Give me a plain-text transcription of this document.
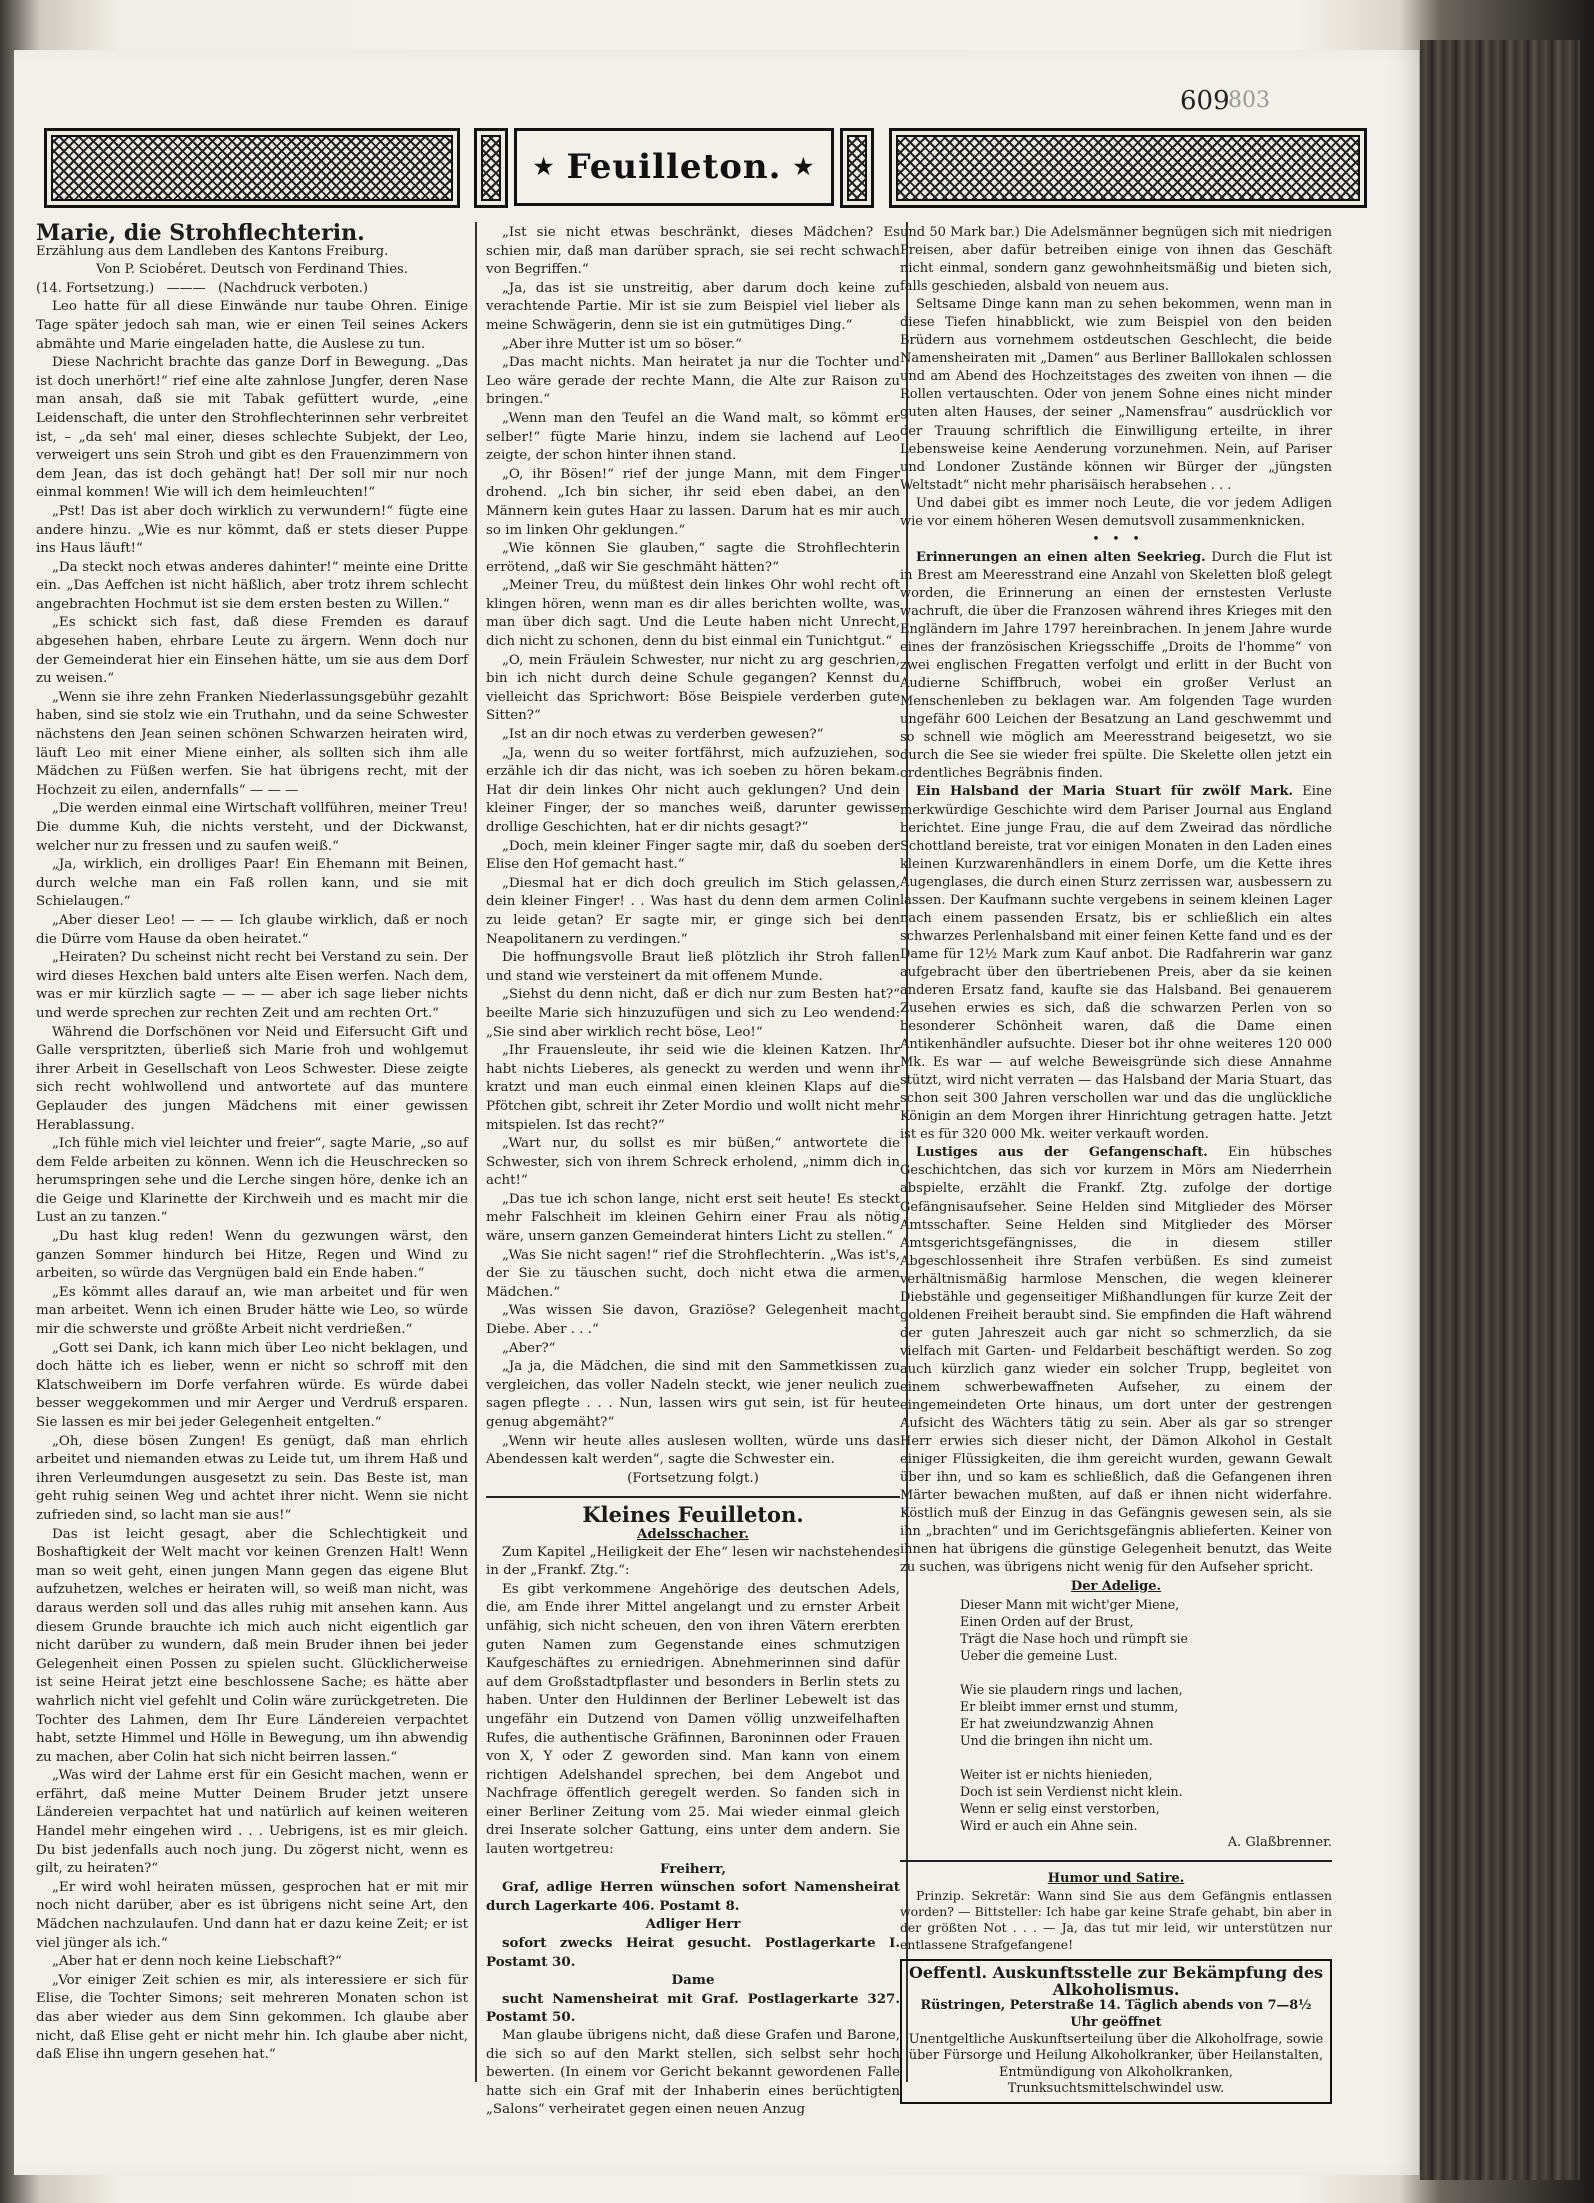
609
803
★ Feuilleton. ★

Marie, die Strohflechterin.

Erzählung aus dem Landleben des Kantons Freiburg.

Von P. Sciobéret. Deutsch von Ferdinand Thies.

(14. Fortsetzung.)   ———   (Nachdruck verboten.)

Leo hatte für all diese Einwände nur taube Ohren. Einige Tage später jedoch sah man, wie er einen Teil seines Ackers abmähte und Marie eingeladen hatte, die Auslese zu tun.

Diese Nachricht brachte das ganze Dorf in Bewegung. „Das ist doch unerhört!“ rief eine alte zahnlose Jungfer, deren Nase man ansah, daß sie mit Tabak gefüttert wurde, „eine Leidenschaft, die unter den Strohflechterinnen sehr verbreitet ist, – „da seh' mal einer, dieses schlechte Subjekt, der Leo, verweigert uns sein Stroh und gibt es den Frauenzimmern von dem Jean, das ist doch gehängt hat! Der soll mir nur noch einmal kommen! Wie will ich dem heimleuchten!“

„Pst! Das ist aber doch wirklich zu verwundern!“ fügte eine andere hinzu. „Wie es nur kömmt, daß er stets dieser Puppe ins Haus läuft!“

„Da steckt noch etwas anderes dahinter!“ meinte eine Dritte ein. „Das Aeffchen ist nicht häßlich, aber trotz ihrem schlecht angebrachten Hochmut ist sie dem ersten besten zu Willen.“

„Es schickt sich fast, daß diese Fremden es darauf abgesehen haben, ehrbare Leute zu ärgern. Wenn doch nur der Gemeinderat hier ein Einsehen hätte, um sie aus dem Dorf zu weisen.“

„Wenn sie ihre zehn Franken Niederlassungsgebühr gezahlt haben, sind sie stolz wie ein Truthahn, und da seine Schwester nächstens den Jean seinen schönen Schwarzen heiraten wird, läuft Leo mit einer Miene einher, als sollten sich ihm alle Mädchen zu Füßen werfen. Sie hat übrigens recht, mit der Hochzeit zu eilen, andernfalls“ — — —

„Die werden einmal eine Wirtschaft vollführen, meiner Treu! Die dumme Kuh, die nichts versteht, und der Dickwanst, welcher nur zu fressen und zu saufen weiß.“

„Ja, wirklich, ein drolliges Paar! Ein Ehemann mit Beinen, durch welche man ein Faß rollen kann, und sie mit Schielaugen.“

„Aber dieser Leo! — — — Ich glaube wirklich, daß er noch die Dürre vom Hause da oben heiratet.“

„Heiraten? Du scheinst nicht recht bei Verstand zu sein. Der wird dieses Hexchen bald unters alte Eisen werfen. Nach dem, was er mir kürzlich sagte — — — aber ich sage lieber nichts und werde sprechen zur rechten Zeit und am rechten Ort.“

Während die Dorfschönen vor Neid und Eifersucht Gift und Galle verspritzten, überließ sich Marie froh und wohlgemut ihrer Arbeit in Gesellschaft von Leos Schwester. Diese zeigte sich recht wohlwollend und antwortete auf das muntere Geplauder des jungen Mädchens mit einer gewissen Herablassung.

„Ich fühle mich viel leichter und freier“, sagte Marie, „so auf dem Felde arbeiten zu können. Wenn ich die Heuschrecken so herumspringen sehe und die Lerche singen höre, denke ich an die Geige und Klarinette der Kirchweih und es macht mir die Lust an zu tanzen.“

„Du hast klug reden! Wenn du gezwungen wärst, den ganzen Sommer hindurch bei Hitze, Regen und Wind zu arbeiten, so würde das Vergnügen bald ein Ende haben.“

„Es kömmt alles darauf an, wie man arbeitet und für wen man arbeitet. Wenn ich einen Bruder hätte wie Leo, so würde mir die schwerste und größte Arbeit nicht verdrießen.“

„Gott sei Dank, ich kann mich über Leo nicht beklagen, und doch hätte ich es lieber, wenn er nicht so schroff mit den Klatschweibern im Dorfe verfahren würde. Es würde dabei besser weggekommen und mir Aerger und Verdruß ersparen. Sie lassen es mir bei jeder Gelegenheit entgelten.“

„Oh, diese bösen Zungen! Es genügt, daß man ehrlich arbeitet und niemanden etwas zu Leide tut, um ihrem Haß und ihren Verleumdungen ausgesetzt zu sein. Das Beste ist, man geht ruhig seinen Weg und achtet ihrer nicht. Wenn sie nicht zufrieden sind, so lacht man sie aus!“

Das ist leicht gesagt, aber die Schlechtigkeit und Boshaftigkeit der Welt macht vor keinen Grenzen Halt! Wenn man so weit geht, einen jungen Mann gegen das eigene Blut aufzuhetzen, welches er heiraten will, so weiß man nicht, was daraus werden soll und das alles ruhig mit ansehen kann. Aus diesem Grunde brauchte ich mich auch nicht eigentlich gar nicht darüber zu wundern, daß mein Bruder ihnen bei jeder Gelegenheit einen Possen zu spielen sucht. Glücklicherweise ist seine Heirat jetzt eine beschlossene Sache; es hätte aber wahrlich nicht viel gefehlt und Colin wäre zurückgetreten. Die Tochter des Lahmen, dem Ihr Eure Ländereien verpachtet habt, setzte Himmel und Hölle in Bewegung, um ihn abwendig zu machen, aber Colin hat sich nicht beirren lassen.“

„Was wird der Lahme erst für ein Gesicht machen, wenn er erfährt, daß meine Mutter Deinem Bruder jetzt unsere Ländereien verpachtet hat und natürlich auf keinen weiteren Handel mehr eingehen wird . . . Uebrigens, ist es mir gleich. Du bist jedenfalls auch noch jung. Du zögerst nicht, wenn es gilt, zu heiraten?“

„Er wird wohl heiraten müssen, gesprochen hat er mit mir noch nicht darüber, aber es ist übrigens nicht seine Art, den Mädchen nachzulaufen. Und dann hat er dazu keine Zeit; er ist viel jünger als ich.“

„Aber hat er denn noch keine Liebschaft?“

„Vor einiger Zeit schien es mir, als interessiere er sich für Elise, die Tochter Simons; seit mehreren Monaten schon ist das aber wieder aus dem Sinn gekommen. Ich glaube aber nicht, daß Elise geht er nicht mehr hin. Ich glaube aber nicht, daß Elise ihn ungern gesehen hat.“

„Ist sie nicht etwas beschränkt, dieses Mädchen? Es schien mir, daß man darüber sprach, sie sei recht schwach von Begriffen.“

„Ja, das ist sie unstreitig, aber darum doch keine zu verachtende Partie. Mir ist sie zum Beispiel viel lieber als meine Schwägerin, denn sie ist ein gutmütiges Ding.“

„Aber ihre Mutter ist um so böser.“

„Das macht nichts. Man heiratet ja nur die Tochter und Leo wäre gerade der rechte Mann, die Alte zur Raison zu bringen.“

„Wenn man den Teufel an die Wand malt, so kömmt er selber!“ fügte Marie hinzu, indem sie lachend auf Leo zeigte, der schon hinter ihnen stand.

„O, ihr Bösen!“ rief der junge Mann, mit dem Finger drohend. „Ich bin sicher, ihr seid eben dabei, an den Männern kein gutes Haar zu lassen. Darum hat es mir auch so im linken Ohr geklungen.“

„Wie können Sie glauben,“ sagte die Strohflechterin errötend, „daß wir Sie geschmäht hätten?“

„Meiner Treu, du müßtest dein linkes Ohr wohl recht oft klingen hören, wenn man es dir alles berichten wollte, was man über dich sagt. Und die Leute haben nicht Unrecht, dich nicht zu schonen, denn du bist einmal ein Tunichtgut.“

„O, mein Fräulein Schwester, nur nicht zu arg geschrien, bin ich nicht durch deine Schule gegangen? Kennst du vielleicht das Sprichwort: Böse Beispiele verderben gute Sitten?“

„Ist an dir noch etwas zu verderben gewesen?“

„Ja, wenn du so weiter fortfährst, mich aufzuziehen, so erzähle ich dir das nicht, was ich soeben zu hören bekam. Hat dir dein linkes Ohr nicht auch geklungen? Und dein kleiner Finger, der so manches weiß, darunter gewisse drollige Geschichten, hat er dir nichts gesagt?“

„Doch, mein kleiner Finger sagte mir, daß du soeben der Elise den Hof gemacht hast.“

„Diesmal hat er dich doch greulich im Stich gelassen, dein kleiner Finger! . . Was hast du denn dem armen Colin zu leide getan? Er sagte mir, er ginge sich bei den Neapolitanern zu verdingen.“

Die hoffnungsvolle Braut ließ plötzlich ihr Stroh fallen und stand wie versteinert da mit offenem Munde.

„Siehst du denn nicht, daß er dich nur zum Besten hat?“ beeilte Marie sich hinzuzufügen und sich zu Leo wendend: „Sie sind aber wirklich recht böse, Leo!“

„Ihr Frauensleute, ihr seid wie die kleinen Katzen. Ihr habt nichts Lieberes, als geneckt zu werden und wenn ihr kratzt und man euch einmal einen kleinen Klaps auf die Pfötchen gibt, schreit ihr Zeter Mordio und wollt nicht mehr mitspielen. Ist das recht?“

„Wart nur, du sollst es mir büßen,“ antwortete die Schwester, sich von ihrem Schreck erholend, „nimm dich in acht!“

„Das tue ich schon lange, nicht erst seit heute! Es steckt mehr Falschheit im kleinen Gehirn einer Frau als nötig wäre, unsern ganzen Gemeinderat hinters Licht zu stellen.“

„Was Sie nicht sagen!“ rief die Strohflechterin. „Was ist's, der Sie zu täuschen sucht, doch nicht etwa die armen Mädchen.“

„Was wissen Sie davon, Graziöse? Gelegenheit macht Diebe. Aber . . .“

„Aber?“

„Ja ja, die Mädchen, die sind mit den Sammetkissen zu vergleichen, das voller Nadeln steckt, wie jener neulich zu sagen pflegte . . . Nun, lassen wirs gut sein, ist für heute genug abgemäht?“

„Wenn wir heute alles auslesen wollten, würde uns das Abendessen kalt werden“, sagte die Schwester ein.

(Fortsetzung folgt.)

Kleines Feuilleton.

Adelsschacher.

Zum Kapitel „Heiligkeit der Ehe“ lesen wir nachstehendes in der „Frankf. Ztg.“:

Es gibt verkommene Angehörige des deutschen Adels, die, am Ende ihrer Mittel angelangt und zu ernster Arbeit unfähig, sich nicht scheuen, den von ihren Vätern ererbten guten Namen zum Gegenstande eines schmutzigen Kaufgeschäftes zu erniedrigen. Abnehmerinnen sind dafür auf dem Großstadtpflaster und besonders in Berlin stets zu haben. Unter den Huldinnen der Berliner Lebewelt ist das ungefähr ein Dutzend von Damen völlig unzweifelhaften Rufes, die authentische Gräfinnen, Baroninnen oder Frauen von X, Y oder Z geworden sind. Man kann von einem richtigen Adelshandel sprechen, bei dem Angebot und Nachfrage öffentlich geregelt werden. So fanden sich in einer Berliner Zeitung vom 25. Mai wieder einmal gleich drei Inserate solcher Gattung, eins unter dem andern. Sie lauten wortgetreu:

Freiherr,

Graf, adlige Herren wünschen sofort Namensheirat durch Lagerkarte 406. Postamt 8.

Adliger Herr

sofort zwecks Heirat gesucht. Postlagerkarte I. Postamt 30.

Dame

sucht Namensheirat mit Graf. Postlagerkarte 327. Postamt 50.

Man glaube übrigens nicht, daß diese Grafen und Barone, die sich so auf den Markt stellen, sich selbst sehr hoch bewerten. (In einem vor Gericht bekannt gewordenen Falle hatte sich ein Graf mit der Inhaberin eines berüchtigten „Salons“ verheiratet gegen einen neuen Anzug

und 50 Mark bar.) Die Adelsmänner begnügen sich mit niedrigen Preisen, aber dafür betreiben einige von ihnen das Geschäft nicht einmal, sondern ganz gewohnheitsmäßig und bieten sich, falls geschieden, alsbald von neuem aus.

Seltsame Dinge kann man zu sehen bekommen, wenn man in diese Tiefen hinabblickt, wie zum Beispiel von den beiden Brüdern aus vornehmem ostdeutschen Geschlecht, die beide Namensheiraten mit „Damen“ aus Berliner Balllokalen schlossen und am Abend des Hochzeitstages des zweiten von ihnen — die Rollen vertauschten. Oder von jenem Sohne eines nicht minder guten alten Hauses, der seiner „Namensfrau“ ausdrücklich vor der Trauung schriftlich die Einwilligung erteilte, in ihrer Lebensweise keine Aenderung vorzunehmen. Nein, auf Pariser und Londoner Zustände können wir Bürger der „jüngsten Weltstadt“ nicht mehr pharisäisch herabsehen . . .

Und dabei gibt es immer noch Leute, die vor jedem Adligen wie vor einem höheren Wesen demutsvoll zusammenknicken.

•   •   •

Erinnerungen an einen alten Seekrieg. Durch die Flut ist in Brest am Meeresstrand eine Anzahl von Skeletten bloß gelegt worden, die Erinnerung an einen der ernstesten Verluste wachruft, die über die Franzosen während ihres Krieges mit den Engländern im Jahre 1797 hereinbrachen. In jenem Jahre wurde eines der französischen Kriegsschiffe „Droits de l'homme“ von zwei englischen Fregatten verfolgt und erlitt in der Bucht von Audierne Schiffbruch, wobei ein großer Verlust an Menschenleben zu beklagen war. Am folgenden Tage wurden ungefähr 600 Leichen der Besatzung an Land geschwemmt und so schnell wie möglich am Meeresstrand beigesetzt, wo sie durch die See sie wieder frei spülte. Die Skelette ollen jetzt ein ordentliches Begräbnis finden.

Ein Halsband der Maria Stuart für zwölf Mark. Eine merkwürdige Geschichte wird dem Pariser Journal aus England berichtet. Eine junge Frau, die auf dem Zweirad das nördliche Schottland bereiste, trat vor einigen Monaten in den Laden eines kleinen Kurzwarenhändlers in einem Dorfe, um die Kette ihres Augenglases, die durch einen Sturz zerrissen war, ausbessern zu lassen. Der Kaufmann suchte vergebens in seinem kleinen Lager nach einem passenden Ersatz, bis er schließlich ein altes schwarzes Perlenhalsband mit einer feinen Kette fand und es der Dame für 12½ Mark zum Kauf anbot. Die Radfahrerin war ganz aufgebracht über den übertriebenen Preis, aber da sie keinen anderen Ersatz fand, kaufte sie das Halsband. Bei genauerem Zusehen erwies es sich, daß die schwarzen Perlen von so besonderer Schönheit waren, daß die Dame einen Antikenhändler aufsuchte. Dieser bot ihr ohne weiteres 120 000 Mk. Es war — auf welche Beweisgründe sich diese Annahme stützt, wird nicht verraten — das Halsband der Maria Stuart, das schon seit 300 Jahren verschollen war und das die unglückliche Königin an dem Morgen ihrer Hinrichtung getragen hatte. Jetzt ist es für 320 000 Mk. weiter verkauft worden.

Lustiges aus der Gefangenschaft. Ein hübsches Geschichtchen, das sich vor kurzem in Mörs am Niederrhein abspielte, erzählt die Frankf. Ztg. zufolge der dortige Gefängnisaufseher. Seine Helden sind Mitglieder des Mörser Amtsschafter. Seine Helden sind Mitglieder des Mörser Amtsgerichtsgefängnisses, die in diesem stiller Abgeschlossenheit ihre Strafen verbüßen. Es sind zumeist verhältnismäßig harmlose Menschen, die wegen kleinerer Diebstähle und gegenseitiger Mißhandlungen für kurze Zeit der goldenen Freiheit beraubt sind. Sie empfinden die Haft während der guten Jahreszeit auch gar nicht so schmerzlich, da sie vielfach mit Garten- und Feldarbeit beschäftigt werden. So zog auch kürzlich ganz wieder ein solcher Trupp, begleitet von einem schwerbewaffneten Aufseher, zu einem der eingemeindeten Orte hinaus, um dort unter der gestrengen Aufsicht des Wächters tätig zu sein. Aber als gar so strenger Herr erwies sich dieser nicht, der Dämon Alkohol in Gestalt einiger Flüssigkeiten, die ihm gereicht wurden, gewann Gewalt über ihn, und so kam es schließlich, daß die Gefangenen ihren Märter bewachen mußten, auf daß er ihnen nicht widerfahre. Köstlich muß der Einzug in das Gefängnis gewesen sein, als sie ihn „brachten“ und im Gerichtsgefängnis ablieferten. Keiner von ihnen hat übrigens die günstige Gelegenheit benutzt, das Weite zu suchen, was übrigens nicht wenig für den Aufseher spricht.

Der Adelige.

Dieser Mann mit wicht'ger Miene,
Einen Orden auf der Brust,
Trägt die Nase hoch und rümpft sie
Ueber die gemeine Lust.

Wie sie plaudern rings und lachen,
Er bleibt immer ernst und stumm,
Er hat zweiundzwanzig Ahnen
Und die bringen ihn nicht um.

Weiter ist er nichts hienieden,
Doch ist sein Verdienst nicht klein.
Wenn er selig einst verstorben,
Wird er auch ein Ahne sein.

A. Glaßbrenner.

Humor und Satire.

Prinzip. Sekretär: Wann sind Sie aus dem Gefängnis entlassen worden? — Bittsteller: Ich habe gar keine Strafe gehabt, bin aber in der größten Not . . . — Ja, das tut mir leid, wir unterstützen nur entlassene Strafgefangene!

Oeffentl. Auskunftsstelle zur Bekämpfung des Alkoholismus.

Rüstringen, Peterstraße 14. Täglich abends von 7—8½ Uhr geöffnet

Unentgeltliche Auskunftserteilung über die Alkoholfrage, sowie über Fürsorge und Heilung Alkoholkranker, über Heilanstalten, Entmündigung von Alkoholkranken, Trunksuchtsmittelschwindel usw.
